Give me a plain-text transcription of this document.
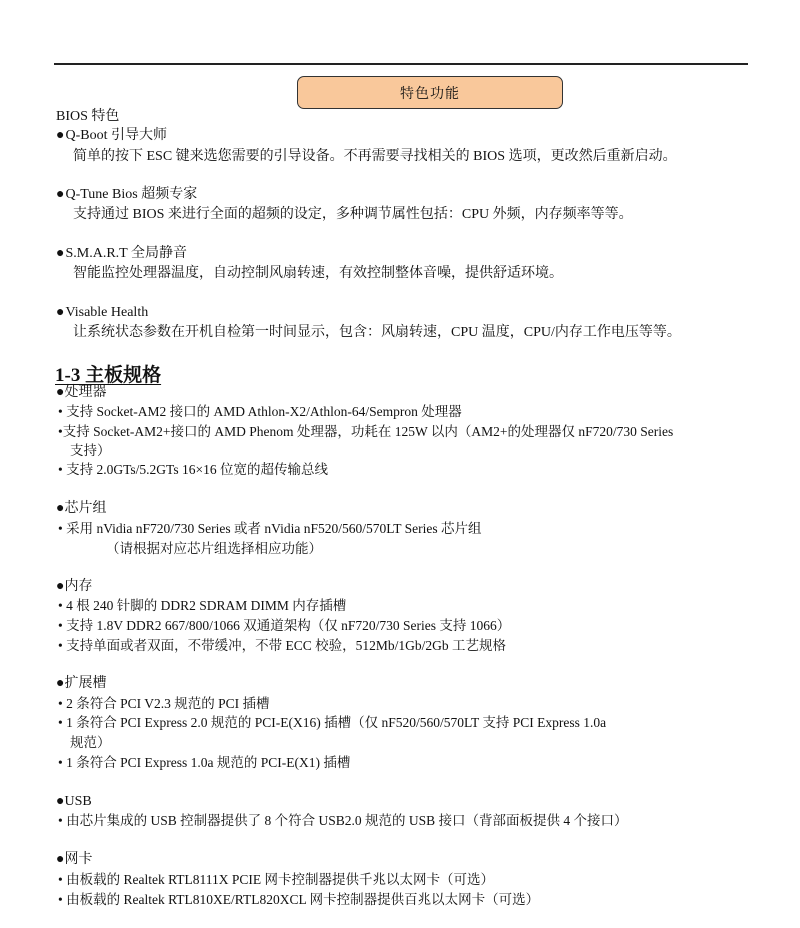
特色功能
BIOS 特色
●Q-Boot 引导大师
简单的按下 ESC 键来选您需要的引导设备。不再需要寻找相关的 BIOS 选项，更改然后重新启动。
●Q-Tune Bios 超频专家
支持通过 BIOS 来进行全面的超频的设定，多种调节属性包括：CPU 外频，内存频率等等。
●S.M.A.R.T 全局静音
智能监控处理器温度，自动控制风扇转速，有效控制整体音噪，提供舒适环境。
●Visable Health
让系统状态参数在开机自检第一时间显示，包含：风扇转速，CPU 温度，CPU/内存工作电压等等。
1-3 主板规格
●处理器
• 支持 Socket-AM2 接口的 AMD Athlon-X2/Athlon-64/Sempron 处理器
•支持 Socket-AM2+接口的 AMD Phenom 处理器，功耗在 125W 以内（AM2+的处理器仅 nF720/730 Series
支持）
• 支持 2.0GTs/5.2GTs 16×16 位宽的超传输总线
●芯片组
• 采用 nVidia nF720/730 Series 或者 nVidia nF520/560/570LT Series 芯片组
（请根据对应芯片组选择相应功能）
●内存
• 4 根 240 针脚的 DDR2 SDRAM DIMM 内存插槽
• 支持 1.8V DDR2 667/800/1066 双通道架构（仅 nF720/730 Series 支持 1066）
• 支持单面或者双面，不带缓冲，不带 ECC 校验，512Mb/1Gb/2Gb 工艺规格
●扩展槽
• 2 条符合 PCI V2.3 规范的 PCI 插槽
• 1 条符合 PCI Express 2.0 规范的 PCI-E(X16) 插槽（仅 nF520/560/570LT 支持 PCI Express 1.0a
规范）
• 1 条符合 PCI Express 1.0a 规范的 PCI-E(X1) 插槽
●USB
• 由芯片集成的 USB 控制器提供了 8 个符合 USB2.0 规范的 USB 接口（背部面板提供 4 个接口）
●网卡
• 由板载的 Realtek RTL8111X PCIE 网卡控制器提供千兆以太网卡（可选）
• 由板载的 Realtek RTL810XE/RTL820XCL 网卡控制器提供百兆以太网卡（可选）
